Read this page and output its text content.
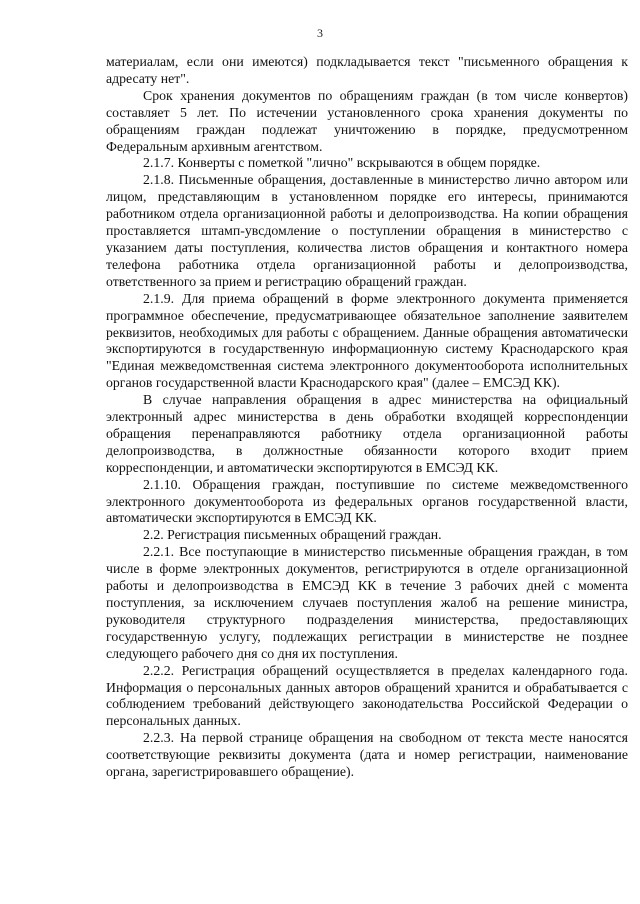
3

материалам, если они имеются) подкладывается текст "письменного обращения к адресату нет".

Срок хранения документов по обращениям граждан (в том числе конвертов) составляет 5 лет. По истечении установленного срока хранения документы по обращениям граждан подлежат уничтожению в порядке, предусмотренном Федеральным архивным агентством.

2.1.7. Конверты с пометкой "лично" вскрываются в общем порядке.

2.1.8. Письменные обращения, доставленные в министерство лично автором или лицом, представляющим в установленном порядке его интересы, принимаются работником отдела организационной работы и делопроизводства. На копии обращения проставляется штамп-увсдомление о поступлении обращения в министерство с указанием даты поступления, количества листов обращения и контактного номера телефона работника отдела организационной работы и делопроизводства, ответственного за прием и регистрацию обращений граждан.

2.1.9. Для приема обращений в форме электронного документа применяется программное обеспечение, предусматривающее обязательное заполнение заявителем реквизитов, необходимых для работы с обращением. Данные обращения автоматически экспортируются в государственную информационную систему Краснодарского края "Единая межведомственная система электронного документооборота исполнительных органов государственной власти Краснодарского края" (далее – ЕМСЭД КК).

В случае направления обращения в адрес министерства на официальный электронный адрес министерства в день обработки входящей корреспонденции обращения перенаправляются работнику отдела организационной работы делопроизводства, в должностные обязанности которого входит прием корреспонденции, и автоматически экспортируются в ЕМСЭД КК.

2.1.10. Обращения граждан, поступившие по системе межведомственного электронного документооборота из федеральных органов государственной власти, автоматически экспортируются в ЕМСЭД КК.

2.2. Регистрация письменных обращений граждан.

2.2.1. Все поступающие в министерство письменные обращения граждан, в том числе в форме электронных документов, регистрируются в отделе организационной работы и делопроизводства в ЕМСЭД КК в течение 3 рабочих дней с момента поступления, за исключением случаев поступления жалоб на решение министра, руководителя структурного подразделения министерства, предоставляющих государственную услугу, подлежащих регистрации в министерстве не позднее следующего рабочего дня со дня их поступления.

2.2.2. Регистрация обращений осуществляется в пределах календарного года. Информация о персональных данных авторов обращений хранится и обрабатывается с соблюдением требований действующего законодательства Российской Федерации о персональных данных.

2.2.3. На первой странице обращения на свободном от текста месте наносятся соответствующие реквизиты документа (дата и номер регистрации, наименование органа, зарегистрировавшего обращение).
